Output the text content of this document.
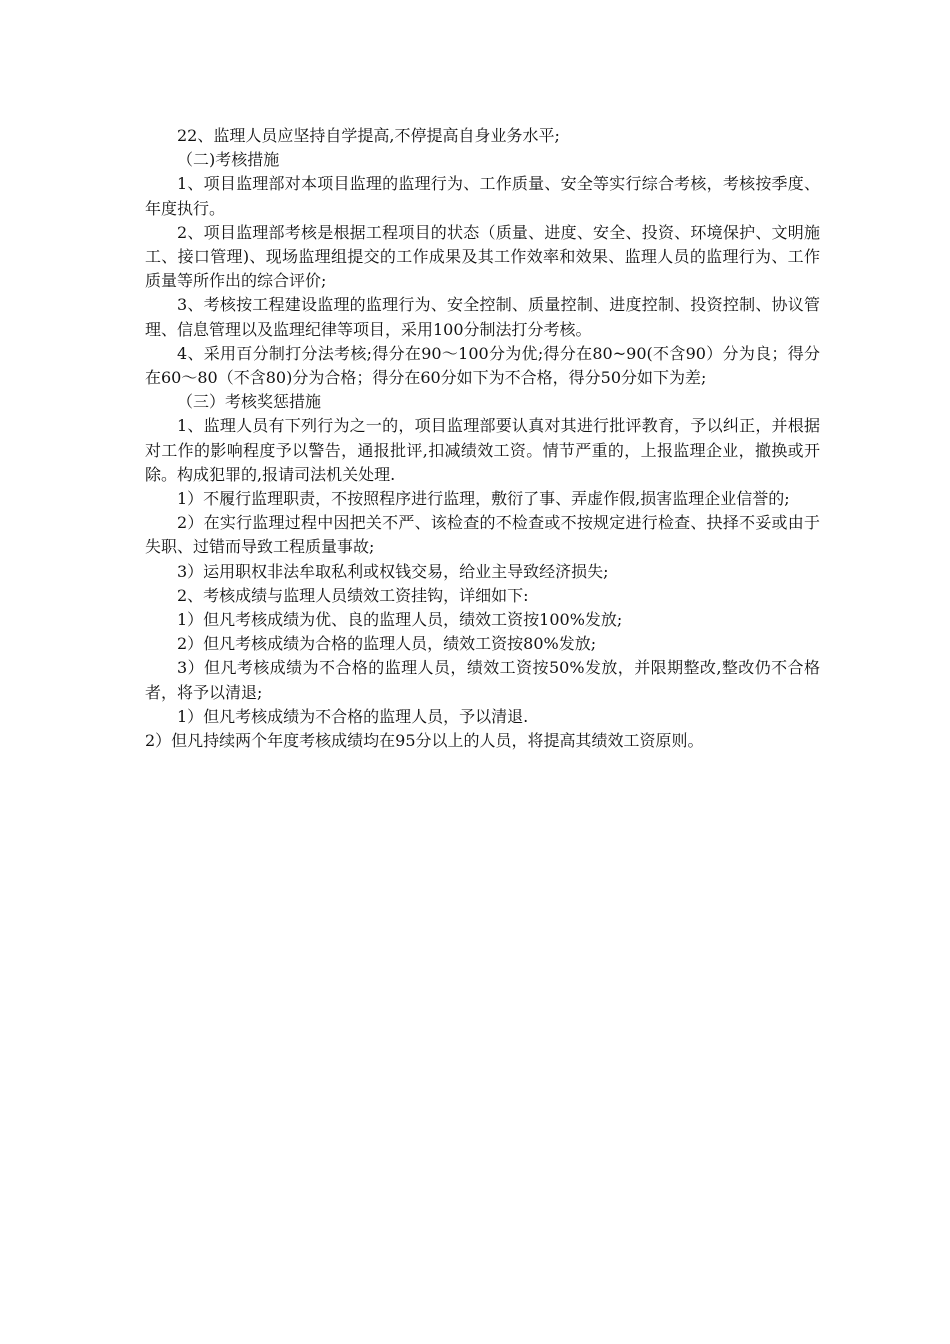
22、监理人员应坚持自学提高,不停提高自身业务水平;

（二)考核措施

1、项目监理部对本项目监理的监理行为、工作质量、安全等实行综合考核，考核按季度、年度执行。

2、项目监理部考核是根据工程项目的状态（质量、进度、安全、投资、环境保护、文明施工、接口管理)、现场监理组提交的工作成果及其工作效率和效果、监理人员的监理行为、工作质量等所作出的综合评价;

3、考核按工程建设监理的监理行为、安全控制、质量控制、进度控制、投资控制、协议管理、信息管理以及监理纪律等项目，采用100分制法打分考核。

4、采用百分制打分法考核;得分在90～100分为优;得分在80~90(不含90）分为良；得分在60～80（不含80)分为合格；得分在60分如下为不合格，得分50分如下为差;

（三）考核奖惩措施

1、监理人员有下列行为之一的，项目监理部要认真对其进行批评教育，予以纠正，并根据对工作的影响程度予以警告，通报批评,扣减绩效工资。情节严重的，上报监理企业，撤换或开除。构成犯罪的,报请司法机关处理.

1）不履行监理职责，不按照程序进行监理，敷衍了事、弄虚作假,损害监理企业信誉的;

2）在实行监理过程中因把关不严、该检查的不检查或不按规定进行检查、抉择不妥或由于失职、过错而导致工程质量事故;

3）运用职权非法牟取私利或权钱交易，给业主导致经济损失;

2、考核成绩与监理人员绩效工资挂钩，详细如下:

1）但凡考核成绩为优、良的监理人员，绩效工资按100%发放;

2）但凡考核成绩为合格的监理人员，绩效工资按80%发放;

3）但凡考核成绩为不合格的监理人员，绩效工资按50%发放，并限期整改,整改仍不合格者，将予以清退;

1）但凡考核成绩为不合格的监理人员，予以清退.

2）但凡持续两个年度考核成绩均在95分以上的人员，将提高其绩效工资原则。
